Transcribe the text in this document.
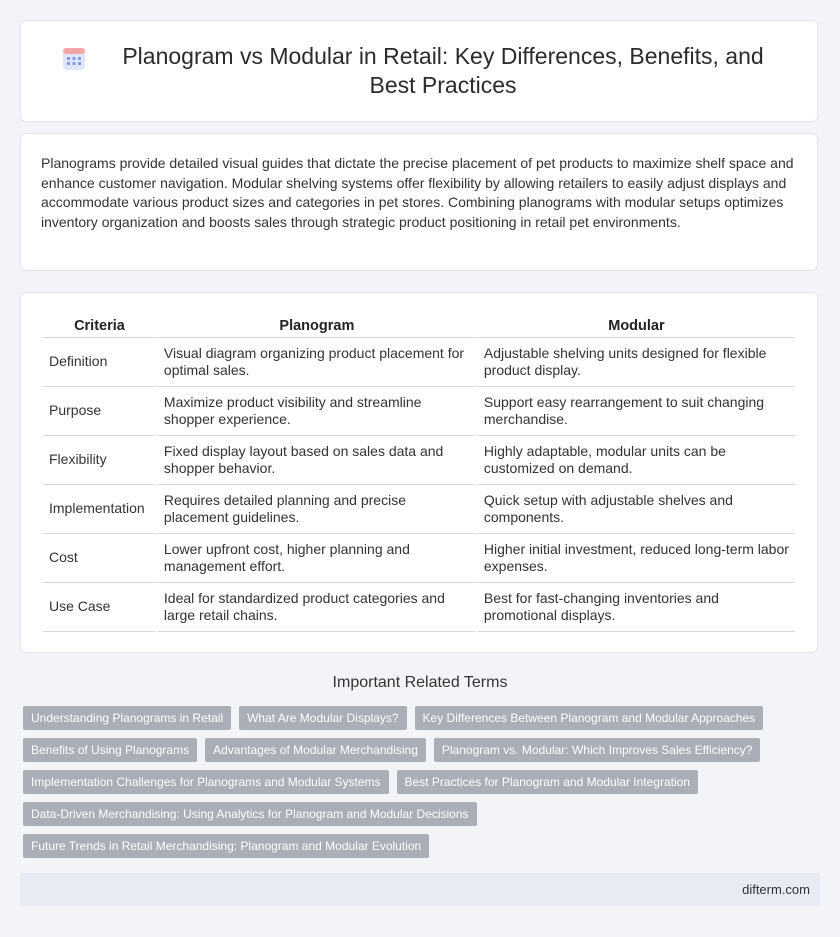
Planogram vs Modular in Retail: Key Differences, Benefits, and Best Practices

Planograms provide detailed visual guides that dictate the precise placement of pet products to maximize shelf space and enhance customer navigation. Modular shelving systems offer flexibility by allowing retailers to easily adjust displays and accommodate various product sizes and categories in pet stores. Combining planograms with modular setups optimizes inventory organization and boosts sales through strategic product positioning in retail pet environments.

Criteria	Planogram	Modular
Definition	Visual diagram organizing product placement for optimal sales.	Adjustable shelving units designed for flexible product display.
Purpose	Maximize product visibility and streamline shopper experience.	Support easy rearrangement to suit changing merchandise.
Flexibility	Fixed display layout based on sales data and shopper behavior.	Highly adaptable, modular units can be customized on demand.
Implementation	Requires detailed planning and precise placement guidelines.	Quick setup with adjustable shelves and components.
Cost	Lower upfront cost, higher planning and management effort.	Higher initial investment, reduced long-term labor expenses.
Use Case	Ideal for standardized product categories and large retail chains.	Best for fast-changing inventories and promotional displays.
Important Related Terms
Understanding Planograms in Retail	What Are Modular Displays?	Key Differences Between Planogram and Modular Approaches
Benefits of Using Planograms	Advantages of Modular Merchandising	Planogram vs. Modular: Which Improves Sales Efficiency?
Implementation Challenges for Planograms and Modular Systems	Best Practices for Planogram and Modular Integration
Data-Driven Merchandising: Using Analytics for Planogram and Modular Decisions
Future Trends in Retail Merchandising: Planogram and Modular Evolution
difterm.com
